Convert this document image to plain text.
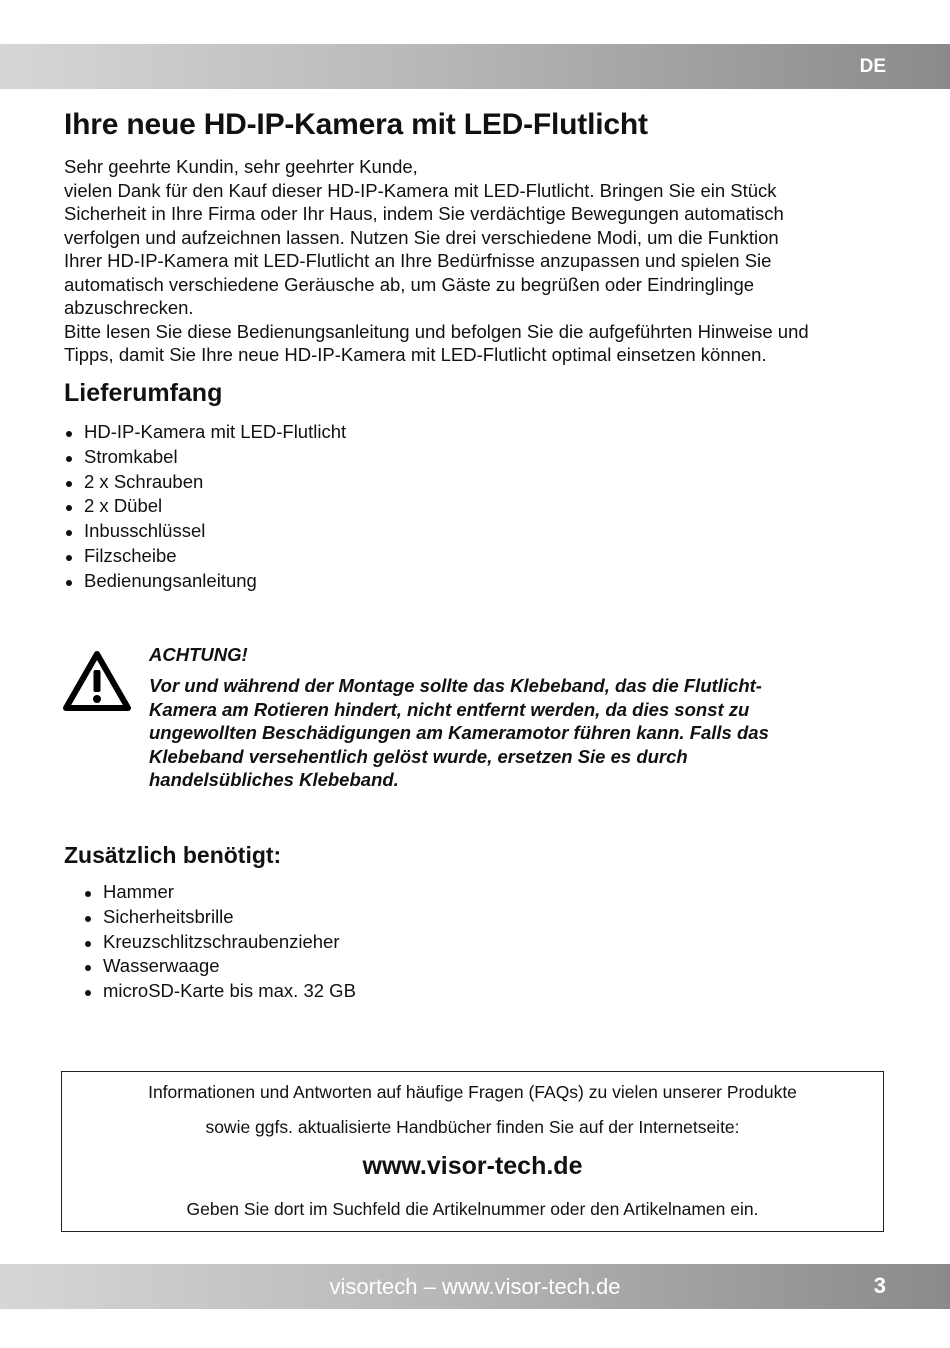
DE
Ihre neue HD-IP-Kamera mit LED-Flutlicht
Sehr geehrte Kundin, sehr geehrter Kunde,
vielen Dank für den Kauf dieser HD-IP-Kamera mit LED-Flutlicht. Bringen Sie ein Stück
Sicherheit in Ihre Firma oder Ihr Haus, indem Sie verdächtige Bewegungen automatisch
verfolgen und aufzeichnen lassen. Nutzen Sie drei verschiedene Modi, um die Funktion
Ihrer HD-IP-Kamera mit LED-Flutlicht an Ihre Bedürfnisse anzupassen und spielen Sie
automatisch verschiedene Geräusche ab, um Gäste zu begrüßen oder Eindringlinge
abzuschrecken.
Bitte lesen Sie diese Bedienungsanleitung und befolgen Sie die aufgeführten Hinweise und
Tipps, damit Sie Ihre neue HD-IP-Kamera mit LED-Flutlicht optimal einsetzen können.
Lieferumfang
HD-IP-Kamera mit LED-Flutlicht
Stromkabel
2 x Schrauben
2 x Dübel
Inbusschlüssel
Filzscheibe
Bedienungsanleitung
ACHTUNG!
Vor und während der Montage sollte das Klebeband, das die Flutlicht-
Kamera am Rotieren hindert, nicht entfernt werden, da dies sonst zu
ungewollten Beschädigungen am Kameramotor führen kann. Falls das
Klebeband versehentlich gelöst wurde, ersetzen Sie es durch
handelsübliches Klebeband.
Zusätzlich benötigt:
Hammer
Sicherheitsbrille
Kreuzschlitzschraubenzieher
Wasserwaage
microSD-Karte bis max. 32 GB
Informationen und Antworten auf häufige Fragen (FAQs) zu vielen unserer Produkte
sowie ggfs. aktualisierte Handbücher finden Sie auf der Internetseite:
www.visor-tech.de
Geben Sie dort im Suchfeld die Artikelnummer oder den Artikelnamen ein.
visortech – www.visor-tech.de	3
